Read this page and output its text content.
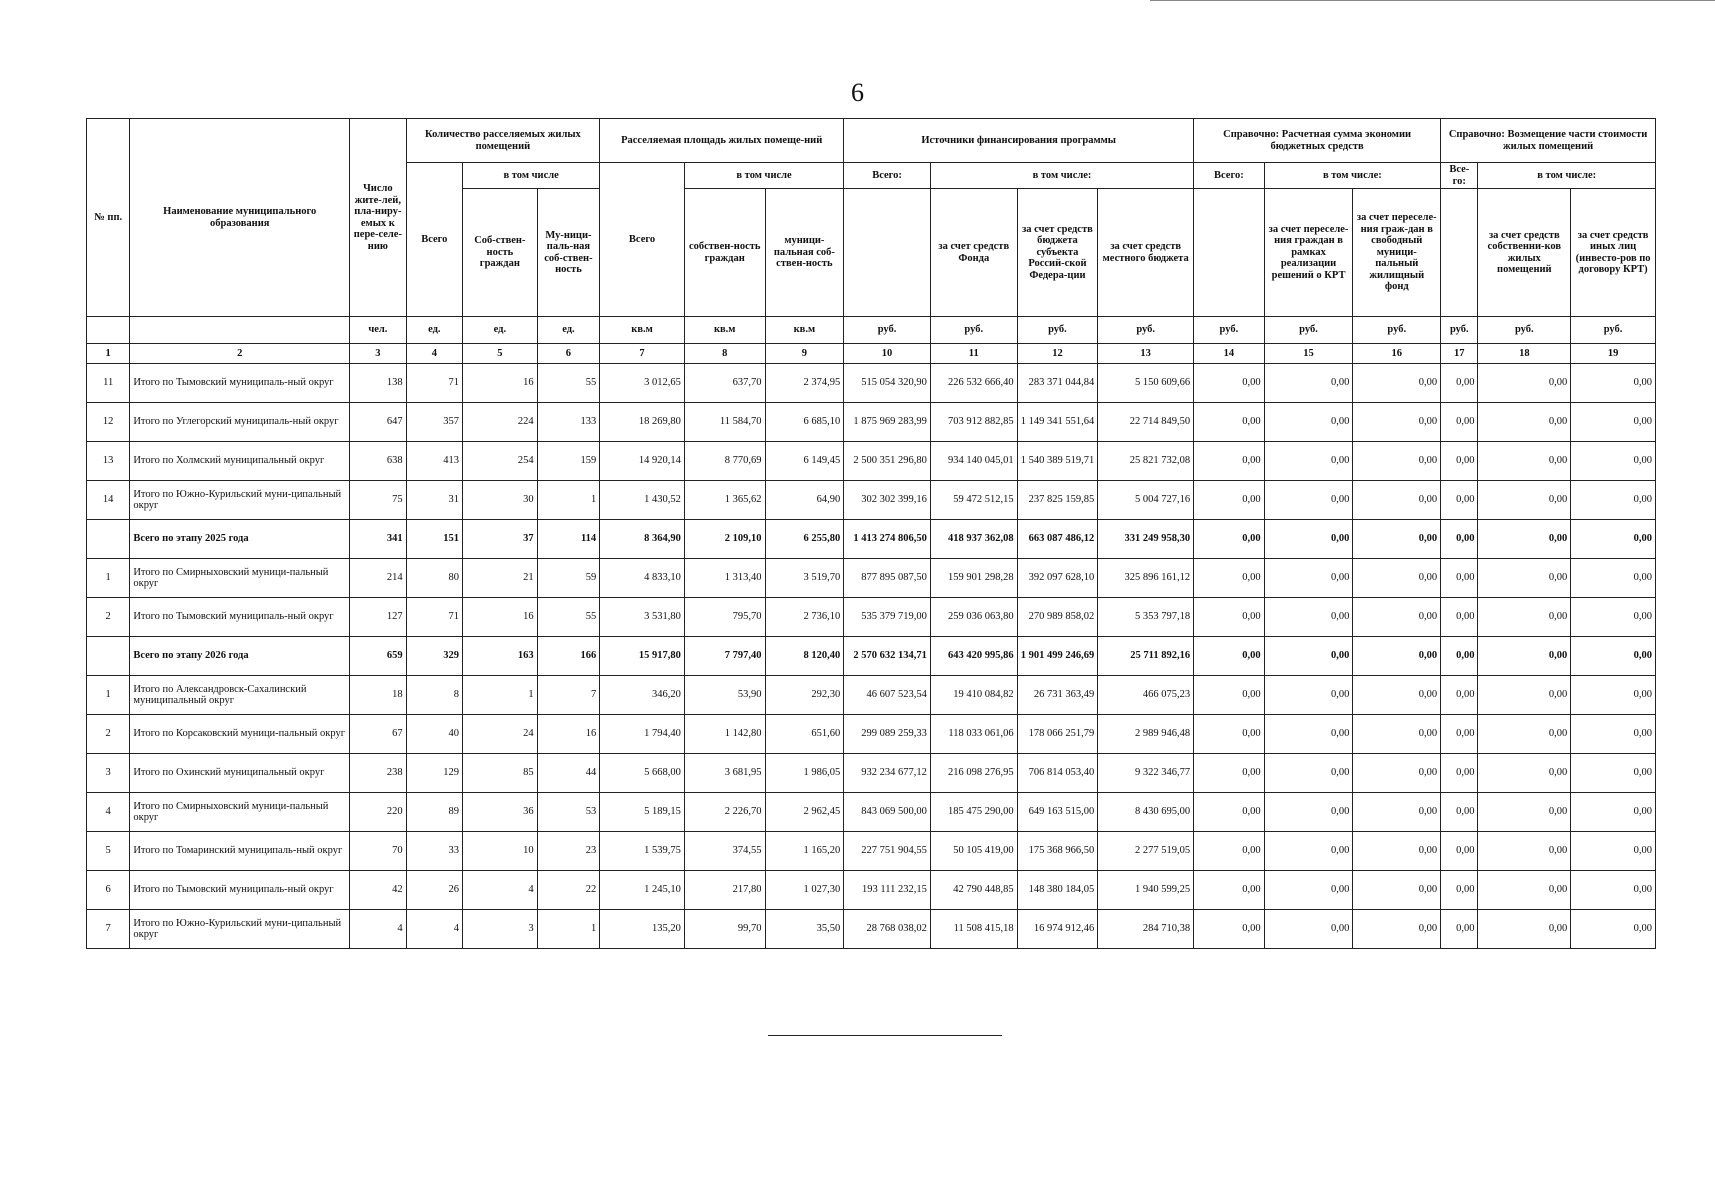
6
№ пп.	Наименование муниципального образования	Число жите-лей, пла-ниру-емых к пере-селе-нию	Количество расселяемых жилых помещений			Расселяемая площадь жилых помеще-ний			Источники финансирования программы				Справочно: Расчетная сумма экономии бюджетных средств			Справочно: Возмещение части стоимости жилых помещений		
			Всего	в том числе		Всего	в том числе		Всего:	в том числе:			Всего:	в том числе:		Все-го:	в том числе:	
				Соб-ствен-ность граждан	Му-ници-паль-ная соб-ствен-ность		собствен-ность граждан	муници-пальная соб-ствен-ность		за счет средств Фонда	за счет средств бюджета субъекта Россий-ской Федера-ции	за счет средств местного бюджета		за счет переселе-ния граждан в рамках реализации решений о КРТ	за счет переселе-ния граж-дан в свободный муници-пальный жилищный фонд		за счет средств собственни-ков жилых помещений	за счет средств иных лиц (инвесто-ров по договору КРТ)
		чел.	ед.	ед.	ед.	кв.м	кв.м	кв.м	руб.	руб.	руб.	руб.	руб.	руб.	руб.	руб.	руб.	руб.
1	2	3	4	5	6	7	8	9	10	11	12	13	14	15	16	17	18	19
11	Итого по Тымовский муниципаль-ный округ	138	71	16	55	3 012,65	637,70	2 374,95	515 054 320,90	226 532 666,40	283 371 044,84	5 150 609,66	0,00	0,00	0,00	0,00	0,00	0,00
12	Итого по Углегорский муниципаль-ный округ	647	357	224	133	18 269,80	11 584,70	6 685,10	1 875 969 283,99	703 912 882,85	1 149 341 551,64	22 714 849,50	0,00	0,00	0,00	0,00	0,00	0,00
13	Итого по Холмский муниципальный округ	638	413	254	159	14 920,14	8 770,69	6 149,45	2 500 351 296,80	934 140 045,01	1 540 389 519,71	25 821 732,08	0,00	0,00	0,00	0,00	0,00	0,00
14	Итого по Южно-Курильский муни-ципальный округ	75	31	30	1	1 430,52	1 365,62	64,90	302 302 399,16	59 472 512,15	237 825 159,85	5 004 727,16	0,00	0,00	0,00	0,00	0,00	0,00
	Всего по этапу 2025 года	341	151	37	114	8 364,90	2 109,10	6 255,80	1 413 274 806,50	418 937 362,08	663 087 486,12	331 249 958,30	0,00	0,00	0,00	0,00	0,00	0,00
1	Итого по Смирныховский муници-пальный округ	214	80	21	59	4 833,10	1 313,40	3 519,70	877 895 087,50	159 901 298,28	392 097 628,10	325 896 161,12	0,00	0,00	0,00	0,00	0,00	0,00
2	Итого по Тымовский муниципаль-ный округ	127	71	16	55	3 531,80	795,70	2 736,10	535 379 719,00	259 036 063,80	270 989 858,02	5 353 797,18	0,00	0,00	0,00	0,00	0,00	0,00
	Всего по этапу 2026 года	659	329	163	166	15 917,80	7 797,40	8 120,40	2 570 632 134,71	643 420 995,86	1 901 499 246,69	25 711 892,16	0,00	0,00	0,00	0,00	0,00	0,00
1	Итого по Александровск-Сахалинский муниципальный округ	18	8	1	7	346,20	53,90	292,30	46 607 523,54	19 410 084,82	26 731 363,49	466 075,23	0,00	0,00	0,00	0,00	0,00	0,00
2	Итого по Корсаковский муници-пальный округ	67	40	24	16	1 794,40	1 142,80	651,60	299 089 259,33	118 033 061,06	178 066 251,79	2 989 946,48	0,00	0,00	0,00	0,00	0,00	0,00
3	Итого по Охинский муниципальный округ	238	129	85	44	5 668,00	3 681,95	1 986,05	932 234 677,12	216 098 276,95	706 814 053,40	9 322 346,77	0,00	0,00	0,00	0,00	0,00	0,00
4	Итого по Смирныховский муници-пальный округ	220	89	36	53	5 189,15	2 226,70	2 962,45	843 069 500,00	185 475 290,00	649 163 515,00	8 430 695,00	0,00	0,00	0,00	0,00	0,00	0,00
5	Итого по Томаринский муниципаль-ный округ	70	33	10	23	1 539,75	374,55	1 165,20	227 751 904,55	50 105 419,00	175 368 966,50	2 277 519,05	0,00	0,00	0,00	0,00	0,00	0,00
6	Итого по Тымовский муниципаль-ный округ	42	26	4	22	1 245,10	217,80	1 027,30	193 111 232,15	42 790 448,85	148 380 184,05	1 940 599,25	0,00	0,00	0,00	0,00	0,00	0,00
7	Итого по Южно-Курильский муни-ципальный округ	4	4	3	1	135,20	99,70	35,50	28 768 038,02	11 508 415,18	16 974 912,46	284 710,38	0,00	0,00	0,00	0,00	0,00	0,00
